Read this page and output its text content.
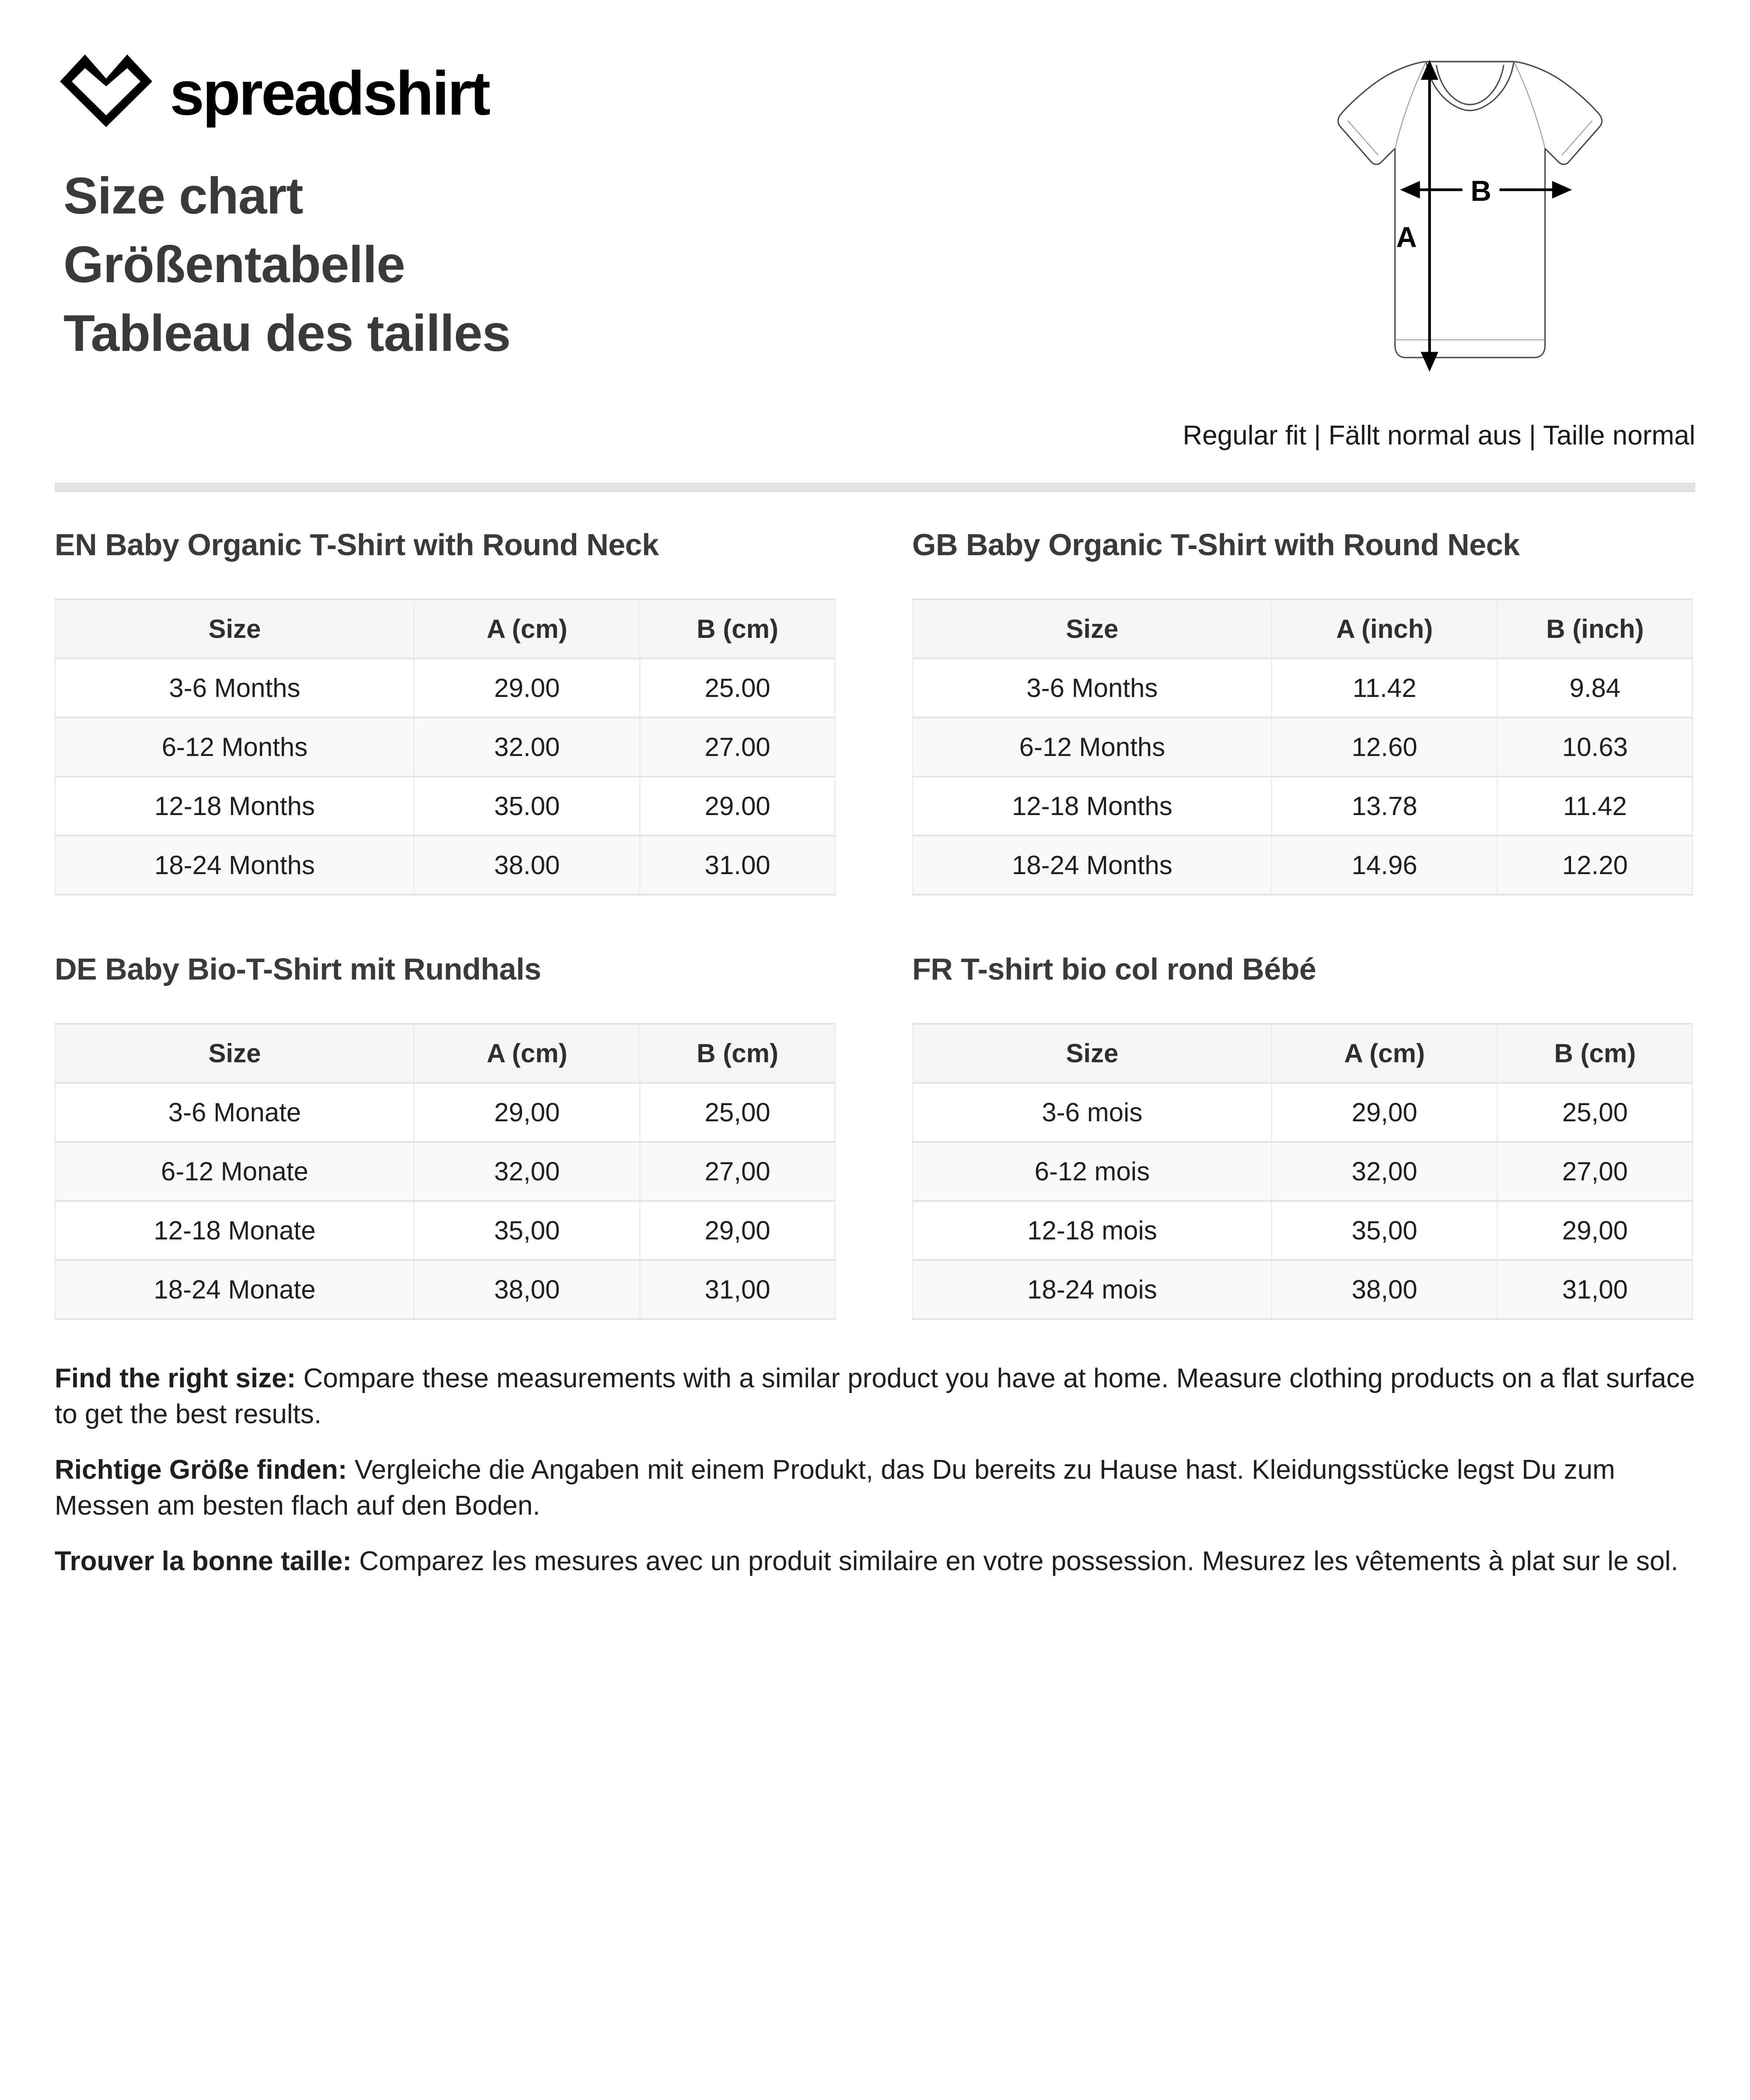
spreadshirt
Size chart
Größentabelle
Tableau des tailles
A
B
Regular fit | Fällt normal aus | Taille normal
EN Baby Organic T-Shirt with Round Neck
Size	A (cm)	B (cm)
3-6 Months	29.00	25.00
6-12 Months	32.00	27.00
12-18 Months	35.00	29.00
18-24 Months	38.00	31.00
GB Baby Organic T-Shirt with Round Neck
Size	A (inch)	B (inch)
3-6 Months	11.42	9.84
6-12 Months	12.60	10.63
12-18 Months	13.78	11.42
18-24 Months	14.96	12.20
DE Baby Bio-T-Shirt mit Rundhals
Size	A (cm)	B (cm)
3-6 Monate	29,00	25,00
6-12 Monate	32,00	27,00
12-18 Monate	35,00	29,00
18-24 Monate	38,00	31,00
FR T-shirt bio col rond Bébé
Size	A (cm)	B (cm)
3-6 mois	29,00	25,00
6-12 mois	32,00	27,00
12-18 mois	35,00	29,00
18-24 mois	38,00	31,00

Find the right size: Compare these measurements with a similar product you have at home. Measure clothing products on a flat surface to get the best results.

Richtige Größe finden: Vergleiche die Angaben mit einem Produkt, das Du bereits zu Hause hast. Kleidungsstücke legst Du zum Messen am besten flach auf den Boden.

Trouver la bonne taille: Comparez les mesures avec un produit similaire en votre possession. Mesurez les vêtements à plat sur le sol.
